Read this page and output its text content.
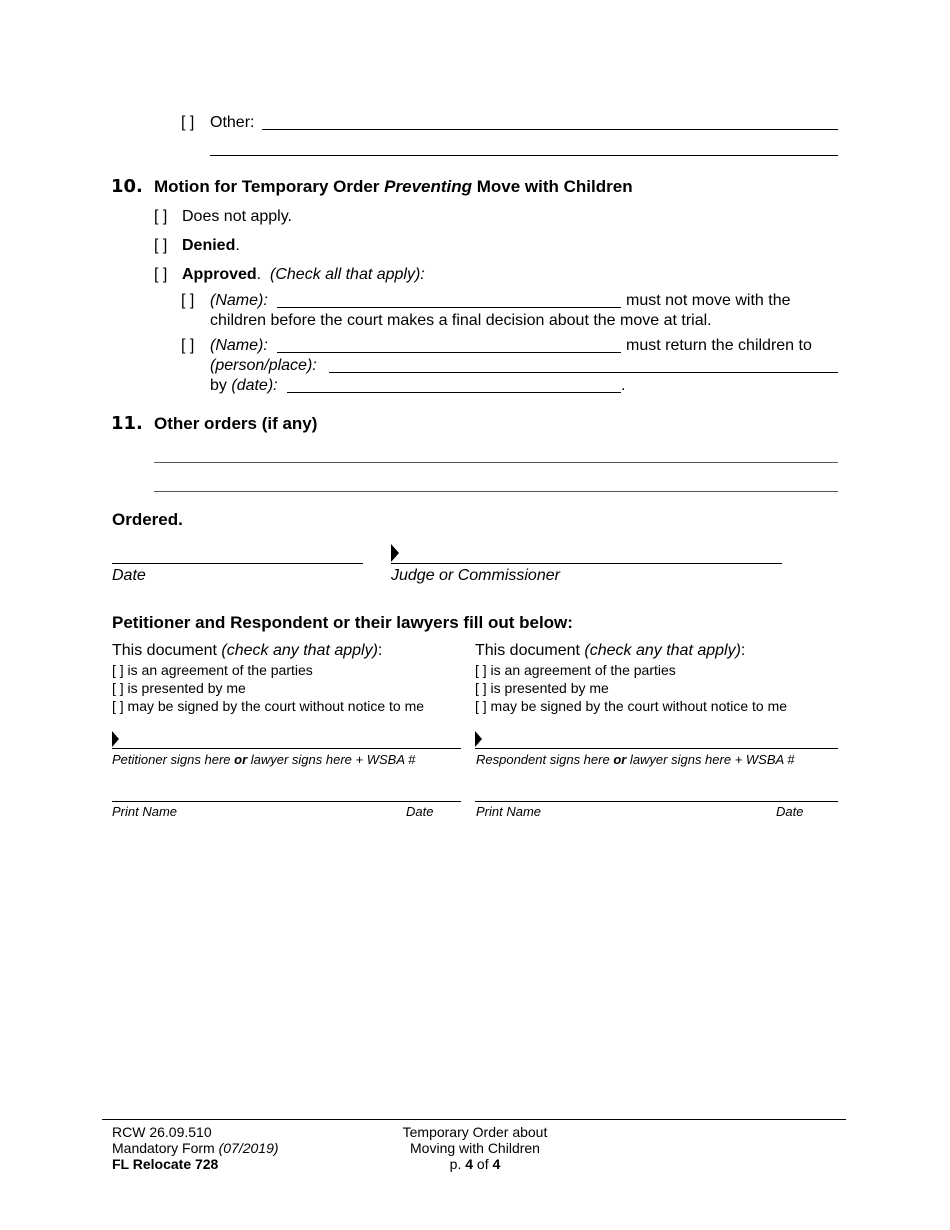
[ ] Other:
10. Motion for Temporary Order Preventing Move with Children
[ ] Does not apply.
[ ] Denied.
[ ] Approved. (Check all that apply):
[ ] (Name):	must not move with the
children before the court makes a final decision about the move at trial.
[ ] (Name):	must return the children to
(person/place):
by (date):	.
11. Other orders (if any)
Ordered.
Date	Judge or Commissioner
Petitioner and Respondent or their lawyers fill out below:
This document (check any that apply):
[ ] is an agreement of the parties
[ ] is presented by me
[ ] may be signed by the court without notice to me
Petitioner signs here or lawyer signs here + WSBA #
Print Name	Date
This document (check any that apply):
[ ] is an agreement of the parties
[ ] is presented by me
[ ] may be signed by the court without notice to me
Respondent signs here or lawyer signs here + WSBA #
Print Name	Date
RCW 26.09.510
Mandatory Form (07/2019)
FL Relocate 728
Temporary Order about
Moving with Children
p. 4 of 4
